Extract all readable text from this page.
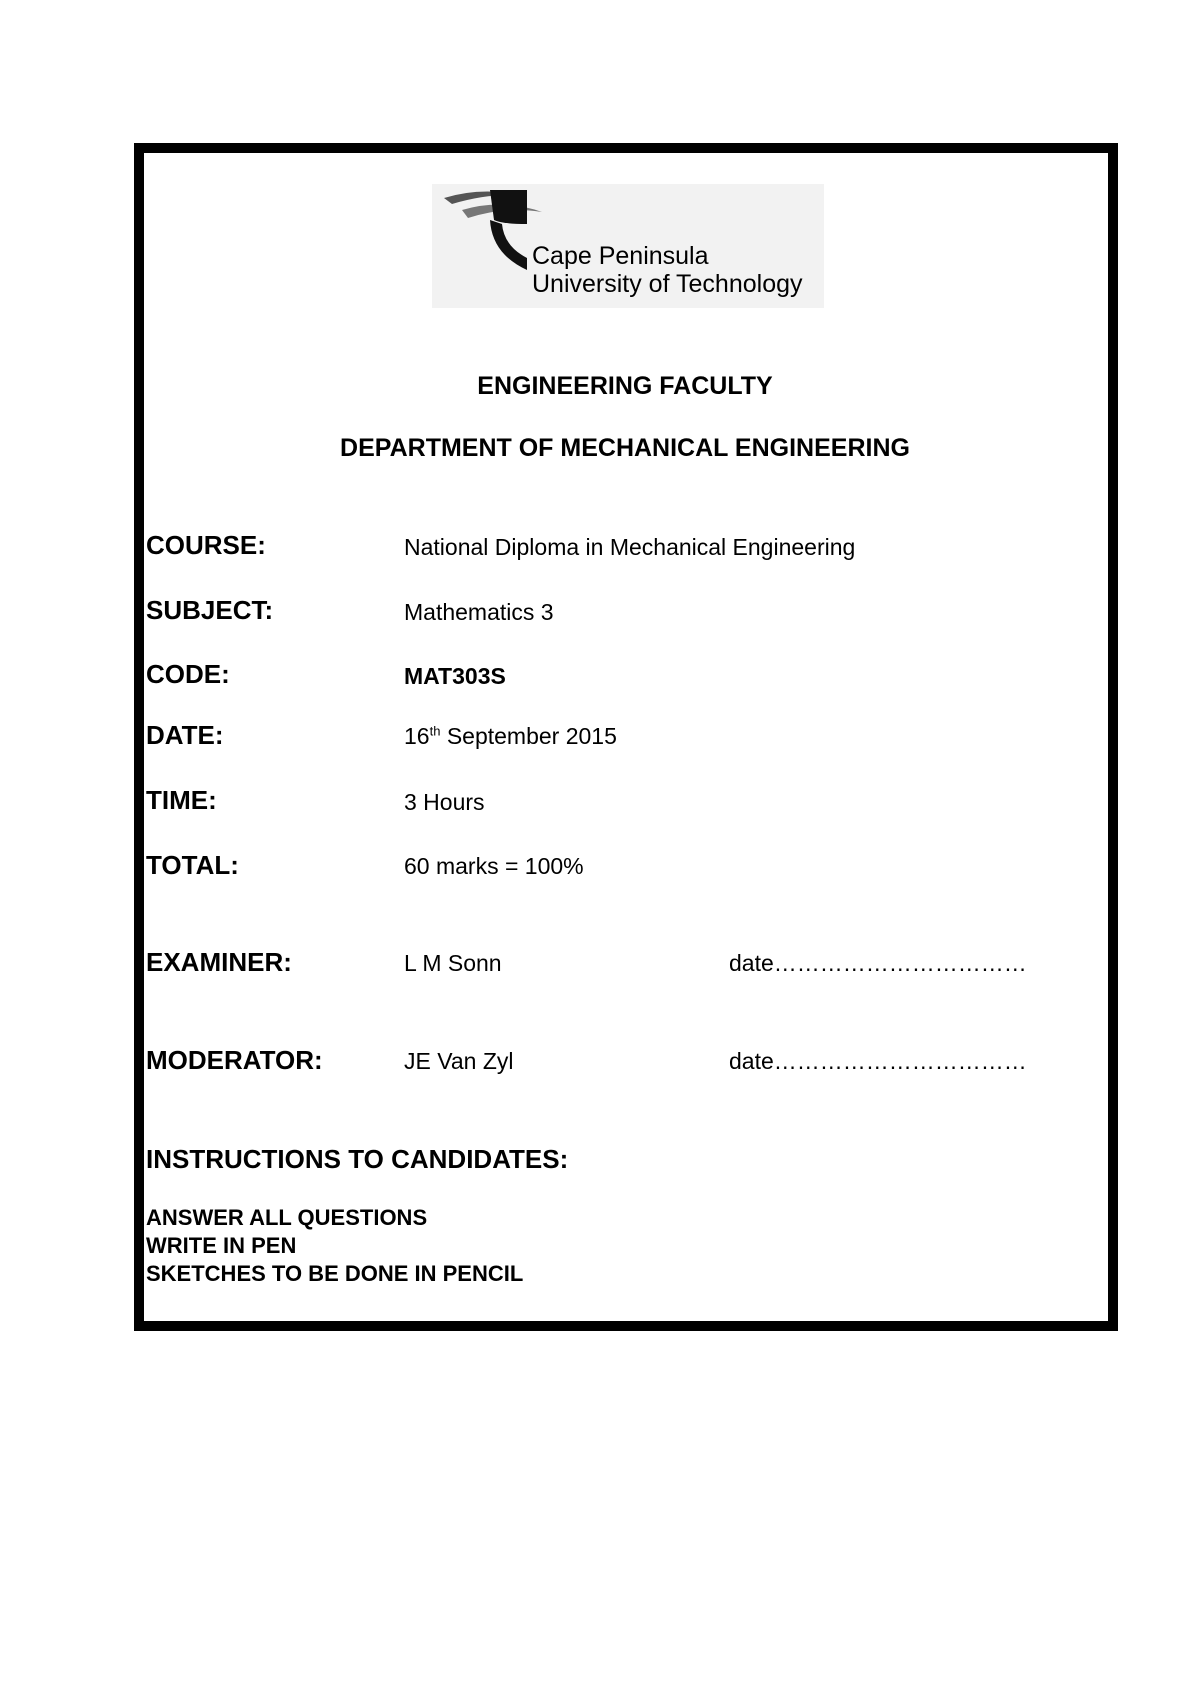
Cape Peninsula
University of Technology
ENGINEERING FACULTY
DEPARTMENT OF MECHANICAL ENGINEERING
COURSE:	National Diploma in Mechanical Engineering
SUBJECT:	Mathematics 3
CODE:	MAT303S
DATE:	16th September 2015
TIME:	3 Hours
TOTAL:	60 marks = 100%
EXAMINER:	L M Sonn	date……………………………
MODERATOR:	JE Van Zyl	date……………………………
INSTRUCTIONS TO CANDIDATES:
ANSWER ALL QUESTIONS
WRITE IN PEN
SKETCHES TO BE DONE IN PENCIL
